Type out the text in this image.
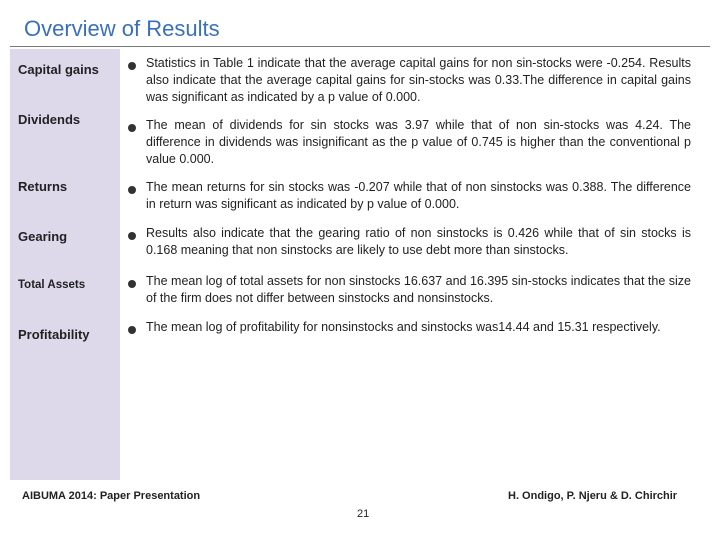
Overview of Results
Capital gains	Statistics in Table 1 indicate that the average capital gains for non sin-stocks were -0.254. Results also indicate that the average capital gains for sin-stocks was 0.33.The difference in capital gains was significant as indicated by a p value of 0.000.
Dividends	The mean of dividends for sin stocks was 3.97 while that of non sin-stocks was 4.24. The difference in dividends was insignificant as the p value of 0.745 is higher than the conventional p value 0.000.
Returns	The mean returns for sin stocks was -0.207 while that of non sinstocks was 0.388. The difference in return was significant as indicated by p value of 0.000.
Gearing	Results also indicate that the gearing ratio of non sinstocks is 0.426 while that of sin stocks is 0.168 meaning that non sinstocks are likely to use debt more than sinstocks.
Total Assets	The mean log of total assets for non sinstocks 16.637 and 16.395 sin-stocks indicates that the size of the firm does not differ between sinstocks and nonsinstocks.
Profitability	The mean log of profitability for nonsinstocks and sinstocks was14.44 and 15.31 respectively.
AIBUMA 2014: Paper Presentation	H. Ondigo, P. Njeru & D. Chirchir
21
